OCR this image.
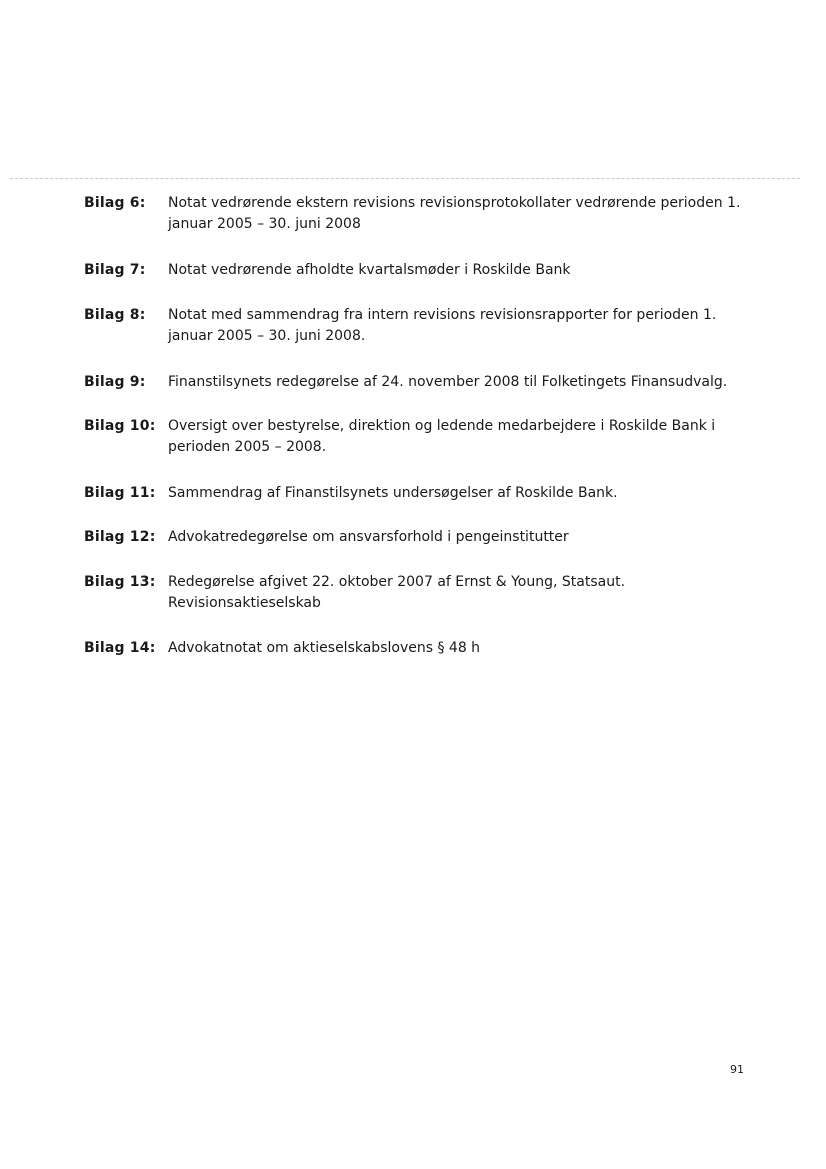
Bilag 6:	Notat vedrørende ekstern revisions revisionsprotokollater vedrørende perioden 1. januar 2005 – 30. juni 2008
Bilag 7:	Notat vedrørende afholdte kvartalsmøder i Roskilde Bank
Bilag 8:	Notat med sammendrag fra intern revisions revisionsrapporter for perioden 1. januar 2005 – 30. juni 2008.
Bilag 9:	Finanstilsynets redegørelse af 24. november 2008 til Folketingets Finansudvalg.
Bilag 10: Oversigt over bestyrelse, direktion og ledende medarbejdere i Roskilde Bank i perioden 2005 – 2008.
Bilag 11: Sammendrag af Finanstilsynets undersøgelser af Roskilde Bank.
Bilag 12: Advokatredegørelse om ansvarsforhold i pengeinstitutter
Bilag 13: Redegørelse afgivet 22. oktober 2007 af Ernst & Young, Statsaut. Revisionsaktieselskab
Bilag 14: Advokatnotat om aktieselskabslovens § 48 h
91
